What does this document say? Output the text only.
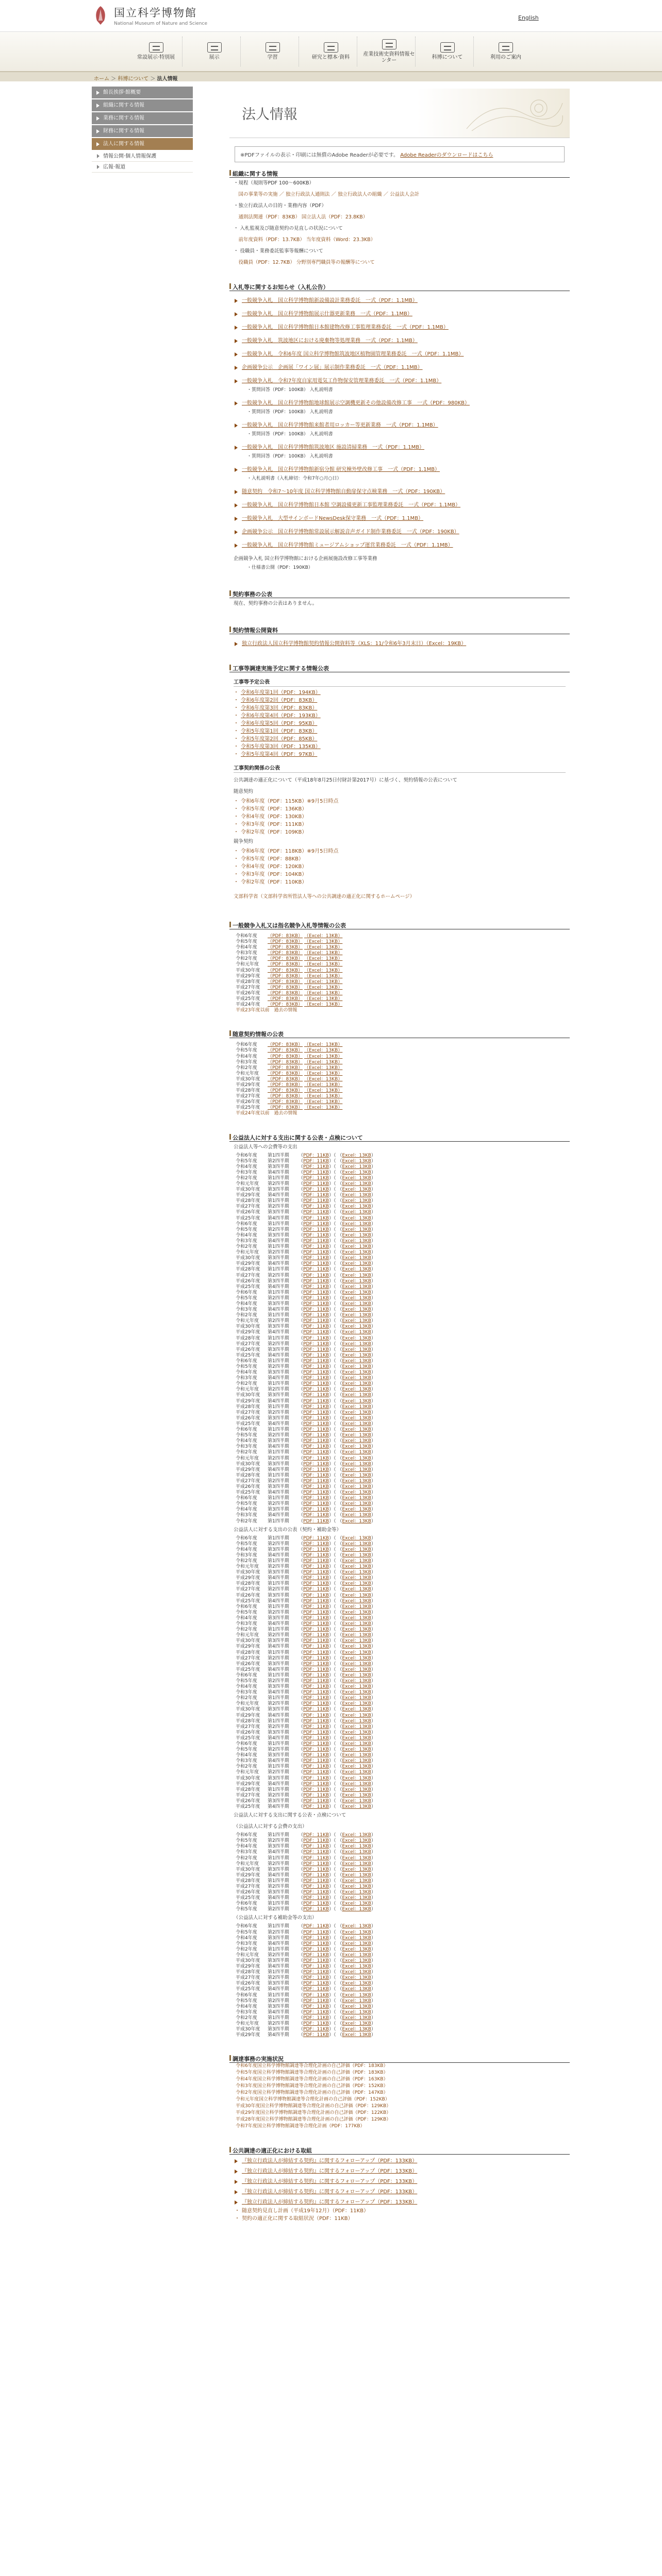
国立科学博物館
National Museum of Nature and Science
English
常設展示·特別展	展示	学習	研究と標本·資料
産業技術史資料情報センター
科博について	利用のご案内
ホーム ＞ 科博について ＞ 法人情報
館長挨拶·館概要
組織に関する情報
業務に関する情報
財務に関する情報
法人に関する情報
情報公開·個人情報保護
広報·報道
法人情報
※PDFファイルの表示・印刷には無償のAdobe Readerが必要です。 Adobe Readerのダウンロードはこちら
組織に関する情報
・規程（規則等PDF 100～600KB）
　国の事業等の実施 ／ 独立行政法人通則法 ／ 独立行政法人の組織 ／ 公益法人会計
・独立行政法人の目的・業務内容（PDF）
　通則法関連（PDF：83KB） 国立法人法（PDF：23.8KB）
・ 入札監視及び随意契約の見直しの状況について
　前年度資料（PDF：13.7KB） 当年度資料（Word：23.3KB）
・ 役職員・業務委託監事等報酬について
　役職員（PDF：12.7KB） 分野別専門職員等の報酬等について
入札等に関するお知らせ（入札公告）
一般競争入札　国立科学博物館新設備設計業務委託　一式（PDF：1.1MB）
一般競争入札　国立科学博物館展示什器更新業務　一式（PDF：1.1MB）
一般競争入札　国立科学博物館日本館建物改修工事監理業務委託　一式（PDF：1.1MB）
一般競争入札　筑波地区における廃棄物等処理業務　一式（PDF：1.1MB）
一般競争入札　令和6年度 国立科学博物館筑波地区植物園管理業務委託　一式（PDF：1.1MB）
企画競争公示　企画展「ワイン展」展示制作業務委託　一式（PDF：1.1MB）
一般競争入札　令和7年度自家用電気工作物保安管理業務委託　一式（PDF：1.1MB）
・質問回答（PDF：100KB） 入札説明書
一般競争入札　国立科学博物館地球館展示空調機更新その他設備改修工事　一式（PDF：980KB）
・質問回答（PDF：100KB） 入札説明書
一般競争入札　国立科学博物館来館者用ロッカー等更新業務　一式（PDF：1.1MB）
・質問回答（PDF：100KB） 入札説明書
一般競争入札　国立科学博物館筑波地区 施設清掃業務　一式（PDF：1.1MB）
・質問回答（PDF：100KB） 入札説明書
一般競争入札　国立科学博物館新宿分館 研究棟外壁改修工事　一式（PDF：1.1MB）
・入札説明書（入札締切：令和7年○月○日）
随意契約　令和7～10年度 国立科学博物館自動扉保守点検業務　一式（PDF：190KB）
一般競争入札　国立科学博物館日本館 空調設備更新工事監理業務委託　一式（PDF：1.1MB）
一般競争入札　大型サインボードNewsDesk保守業務　一式（PDF：1.1MB）
企画競争公示　国立科学博物館常設展示解説音声ガイド制作業務委託　一式（PDF：190KB）
一般競争入札　国立科学博物館ミュージアムショップ運営業務委託　一式（PDF：1.1MB）
企画競争入札 国立科学博物館における企画展施設改修工事等業務
・仕様書公開（PDF：190KB）
契約事務の公表
現在、契約事務の公表はありません。
契約情報公開資料
独立行政法人国立科学博物館契約情報公開資料等（XLS：11/令和6年3月末日）（Excel：19KB）
工事等調達実施予定に関する情報公表
工事等予定公表
・ 令和6年度第1回（PDF：194KB）
・ 令和6年度第2回（PDF：83KB）
・ 令和6年度第3回（PDF：83KB）
・ 令和6年度第4回（PDF：193KB）
・ 令和6年度第5回（PDF：95KB）
・ 令和5年度第1回（PDF：83KB）
・ 令和5年度第2回（PDF：85KB）
・ 令和5年度第3回（PDF：135KB）
・ 令和5年度第4回（PDF：97KB）
工事契約関係の公表
公共調達の適正化について（平成18年8月25日付財計第2017号）に基づく、契約情報の公表について
随意契約
・ 令和6年度（PDF：115KB）※9月5日時点
・ 令和5年度（PDF：136KB）
・ 令和4年度（PDF：130KB）
・ 令和3年度（PDF：111KB）
・ 令和2年度（PDF：109KB）
競争契約
・ 令和6年度（PDF：118KB）※9月5日時点
・ 令和5年度（PDF：88KB）
・ 令和4年度（PDF：120KB）
・ 令和3年度（PDF：104KB）
・ 令和2年度（PDF：110KB）
文部科学省（文部科学省所管法人等への公共調達の適正化に関するホームページ）
一般競争入札又は指名競争入札等情報の公表
令和6年度 （PDF：83KB） （Excel：13KB）
令和5年度 （PDF：83KB） （Excel：13KB）
令和4年度 （PDF：83KB） （Excel：13KB）
令和3年度 （PDF：83KB） （Excel：13KB）
令和2年度 （PDF：83KB） （Excel：13KB）
令和元年度 （PDF：83KB） （Excel：13KB）
平成30年度 （PDF：83KB） （Excel：13KB）
平成29年度 （PDF：83KB） （Excel：13KB）
平成28年度 （PDF：83KB） （Excel：13KB）
平成27年度 （PDF：83KB） （Excel：13KB）
平成26年度 （PDF：83KB） （Excel：13KB）
平成25年度 （PDF：83KB） （Excel：13KB）
平成24年度 （PDF：83KB） （Excel：13KB）
平成23年度以前　過去の情報
随意契約情報の公表
令和6年度 （PDF：83KB） （Excel：13KB）
令和5年度 （PDF：83KB） （Excel：13KB）
令和4年度 （PDF：83KB） （Excel：13KB）
令和3年度 （PDF：83KB） （Excel：13KB）
令和2年度 （PDF：83KB） （Excel：13KB）
令和元年度 （PDF：83KB） （Excel：13KB）
平成30年度 （PDF：83KB） （Excel：13KB）
平成29年度 （PDF：83KB） （Excel：13KB）
平成28年度 （PDF：83KB） （Excel：13KB）
平成27年度 （PDF：83KB） （Excel：13KB）
平成26年度 （PDF：83KB） （Excel：13KB）
平成25年度 （PDF：83KB） （Excel：13KB）
平成24年度以前　過去の情報
公益法人に対する支出に関する公表・点検について
公益法人等への会費等の支出
令和6年度 第1四半期 （PDF：11KB）（ （Excel：13KB）
令和5年度 第2四半期 （PDF：11KB）（ （Excel：13KB）
令和4年度 第3四半期 （PDF：11KB）（ （Excel：13KB）
令和3年度 第4四半期 （PDF：11KB）（ （Excel：13KB）
令和2年度 第1四半期 （PDF：11KB）（ （Excel：13KB）
令和元年度 第2四半期 （PDF：11KB）（ （Excel：13KB）
平成30年度 第3四半期 （PDF：11KB）（ （Excel：13KB）
平成29年度 第4四半期 （PDF：11KB）（ （Excel：13KB）
平成28年度 第1四半期 （PDF：11KB）（ （Excel：13KB）
平成27年度 第2四半期 （PDF：11KB）（ （Excel：13KB）
平成26年度 第3四半期 （PDF：11KB）（ （Excel：13KB）
平成25年度 第4四半期 （PDF：11KB）（ （Excel：13KB）
令和6年度 第1四半期 （PDF：11KB）（ （Excel：13KB）
令和5年度 第2四半期 （PDF：11KB）（ （Excel：13KB）
令和4年度 第3四半期 （PDF：11KB）（ （Excel：13KB）
令和3年度 第4四半期 （PDF：11KB）（ （Excel：13KB）
令和2年度 第1四半期 （PDF：11KB）（ （Excel：13KB）
令和元年度 第2四半期 （PDF：11KB）（ （Excel：13KB）
平成30年度 第3四半期 （PDF：11KB）（ （Excel：13KB）
平成29年度 第4四半期 （PDF：11KB）（ （Excel：13KB）
平成28年度 第1四半期 （PDF：11KB）（ （Excel：13KB）
平成27年度 第2四半期 （PDF：11KB）（ （Excel：13KB）
平成26年度 第3四半期 （PDF：11KB）（ （Excel：13KB）
平成25年度 第4四半期 （PDF：11KB）（ （Excel：13KB）
令和6年度 第1四半期 （PDF：11KB）（ （Excel：13KB）
令和5年度 第2四半期 （PDF：11KB）（ （Excel：13KB）
令和4年度 第3四半期 （PDF：11KB）（ （Excel：13KB）
令和3年度 第4四半期 （PDF：11KB）（ （Excel：13KB）
令和2年度 第1四半期 （PDF：11KB）（ （Excel：13KB）
令和元年度 第2四半期 （PDF：11KB）（ （Excel：13KB）
平成30年度 第3四半期 （PDF：11KB）（ （Excel：13KB）
平成29年度 第4四半期 （PDF：11KB）（ （Excel：13KB）
平成28年度 第1四半期 （PDF：11KB）（ （Excel：13KB）
平成27年度 第2四半期 （PDF：11KB）（ （Excel：13KB）
平成26年度 第3四半期 （PDF：11KB）（ （Excel：13KB）
平成25年度 第4四半期 （PDF：11KB）（ （Excel：13KB）
令和6年度 第1四半期 （PDF：11KB）（ （Excel：13KB）
令和5年度 第2四半期 （PDF：11KB）（ （Excel：13KB）
令和4年度 第3四半期 （PDF：11KB）（ （Excel：13KB）
令和3年度 第4四半期 （PDF：11KB）（ （Excel：13KB）
令和2年度 第1四半期 （PDF：11KB）（ （Excel：13KB）
令和元年度 第2四半期 （PDF：11KB）（ （Excel：13KB）
平成30年度 第3四半期 （PDF：11KB）（ （Excel：13KB）
平成29年度 第4四半期 （PDF：11KB）（ （Excel：13KB）
平成28年度 第1四半期 （PDF：11KB）（ （Excel：13KB）
平成27年度 第2四半期 （PDF：11KB）（ （Excel：13KB）
平成26年度 第3四半期 （PDF：11KB）（ （Excel：13KB）
平成25年度 第4四半期 （PDF：11KB）（ （Excel：13KB）
令和6年度 第1四半期 （PDF：11KB）（ （Excel：13KB）
令和5年度 第2四半期 （PDF：11KB）（ （Excel：13KB）
令和4年度 第3四半期 （PDF：11KB）（ （Excel：13KB）
令和3年度 第4四半期 （PDF：11KB）（ （Excel：13KB）
令和2年度 第1四半期 （PDF：11KB）（ （Excel：13KB）
令和元年度 第2四半期 （PDF：11KB）（ （Excel：13KB）
平成30年度 第3四半期 （PDF：11KB）（ （Excel：13KB）
平成29年度 第4四半期 （PDF：11KB）（ （Excel：13KB）
平成28年度 第1四半期 （PDF：11KB）（ （Excel：13KB）
平成27年度 第2四半期 （PDF：11KB）（ （Excel：13KB）
平成26年度 第3四半期 （PDF：11KB）（ （Excel：13KB）
平成25年度 第4四半期 （PDF：11KB）（ （Excel：13KB）
令和6年度 第1四半期 （PDF：11KB）（ （Excel：13KB）
令和5年度 第2四半期 （PDF：11KB）（ （Excel：13KB）
令和4年度 第3四半期 （PDF：11KB）（ （Excel：13KB）
令和3年度 第4四半期 （PDF：11KB）（ （Excel：13KB）
令和2年度 第1四半期 （PDF：11KB）（ （Excel：13KB）
公益法人に対する支出の公表（契約・補助金等）
令和6年度 第1四半期 （PDF：11KB）（ （Excel：13KB）
令和5年度 第2四半期 （PDF：11KB）（ （Excel：13KB）
令和4年度 第3四半期 （PDF：11KB）（ （Excel：13KB）
令和3年度 第4四半期 （PDF：11KB）（ （Excel：13KB）
令和2年度 第1四半期 （PDF：11KB）（ （Excel：13KB）
令和元年度 第2四半期 （PDF：11KB）（ （Excel：13KB）
平成30年度 第3四半期 （PDF：11KB）（ （Excel：13KB）
平成29年度 第4四半期 （PDF：11KB）（ （Excel：13KB）
平成28年度 第1四半期 （PDF：11KB）（ （Excel：13KB）
平成27年度 第2四半期 （PDF：11KB）（ （Excel：13KB）
平成26年度 第3四半期 （PDF：11KB）（ （Excel：13KB）
平成25年度 第4四半期 （PDF：11KB）（ （Excel：13KB）
令和6年度 第1四半期 （PDF：11KB）（ （Excel：13KB）
令和5年度 第2四半期 （PDF：11KB）（ （Excel：13KB）
令和4年度 第3四半期 （PDF：11KB）（ （Excel：13KB）
令和3年度 第4四半期 （PDF：11KB）（ （Excel：13KB）
令和2年度 第1四半期 （PDF：11KB）（ （Excel：13KB）
令和元年度 第2四半期 （PDF：11KB）（ （Excel：13KB）
平成30年度 第3四半期 （PDF：11KB）（ （Excel：13KB）
平成29年度 第4四半期 （PDF：11KB）（ （Excel：13KB）
平成28年度 第1四半期 （PDF：11KB）（ （Excel：13KB）
平成27年度 第2四半期 （PDF：11KB）（ （Excel：13KB）
平成26年度 第3四半期 （PDF：11KB）（ （Excel：13KB）
平成25年度 第4四半期 （PDF：11KB）（ （Excel：13KB）
令和6年度 第1四半期 （PDF：11KB）（ （Excel：13KB）
令和5年度 第2四半期 （PDF：11KB）（ （Excel：13KB）
令和4年度 第3四半期 （PDF：11KB）（ （Excel：13KB）
令和3年度 第4四半期 （PDF：11KB）（ （Excel：13KB）
令和2年度 第1四半期 （PDF：11KB）（ （Excel：13KB）
令和元年度 第2四半期 （PDF：11KB）（ （Excel：13KB）
平成30年度 第3四半期 （PDF：11KB）（ （Excel：13KB）
平成29年度 第4四半期 （PDF：11KB）（ （Excel：13KB）
平成28年度 第1四半期 （PDF：11KB）（ （Excel：13KB）
平成27年度 第2四半期 （PDF：11KB）（ （Excel：13KB）
平成26年度 第3四半期 （PDF：11KB）（ （Excel：13KB）
平成25年度 第4四半期 （PDF：11KB）（ （Excel：13KB）
令和6年度 第1四半期 （PDF：11KB）（ （Excel：13KB）
令和5年度 第2四半期 （PDF：11KB）（ （Excel：13KB）
令和4年度 第3四半期 （PDF：11KB）（ （Excel：13KB）
令和3年度 第4四半期 （PDF：11KB）（ （Excel：13KB）
令和2年度 第1四半期 （PDF：11KB）（ （Excel：13KB）
令和元年度 第2四半期 （PDF：11KB）（ （Excel：13KB）
平成30年度 第3四半期 （PDF：11KB）（ （Excel：13KB）
平成29年度 第4四半期 （PDF：11KB）（ （Excel：13KB）
平成28年度 第1四半期 （PDF：11KB）（ （Excel：13KB）
平成27年度 第2四半期 （PDF：11KB）（ （Excel：13KB）
平成26年度 第3四半期 （PDF：11KB）（ （Excel：13KB）
平成25年度 第4四半期 （PDF：11KB）（ （Excel：13KB）
公益法人に対する支出に関する公表・点検について
（公益法人に対する会費の支出）
令和6年度 第1四半期 （PDF：11KB）（ （Excel：13KB）
令和5年度 第2四半期 （PDF：11KB）（ （Excel：13KB）
令和4年度 第3四半期 （PDF：11KB）（ （Excel：13KB）
令和3年度 第4四半期 （PDF：11KB）（ （Excel：13KB）
令和2年度 第1四半期 （PDF：11KB）（ （Excel：13KB）
令和元年度 第2四半期 （PDF：11KB）（ （Excel：13KB）
平成30年度 第3四半期 （PDF：11KB）（ （Excel：13KB）
平成29年度 第4四半期 （PDF：11KB）（ （Excel：13KB）
平成28年度 第1四半期 （PDF：11KB）（ （Excel：13KB）
平成27年度 第2四半期 （PDF：11KB）（ （Excel：13KB）
平成26年度 第3四半期 （PDF：11KB）（ （Excel：13KB）
平成25年度 第4四半期 （PDF：11KB）（ （Excel：13KB）
令和6年度 第1四半期 （PDF：11KB）（ （Excel：13KB）
令和5年度 第2四半期 （PDF：11KB）（ （Excel：13KB）
（公益法人に対する補助金等の支出）
令和6年度 第1四半期 （PDF：11KB）（ （Excel：13KB）
令和5年度 第2四半期 （PDF：11KB）（ （Excel：13KB）
令和4年度 第3四半期 （PDF：11KB）（ （Excel：13KB）
令和3年度 第4四半期 （PDF：11KB）（ （Excel：13KB）
令和2年度 第1四半期 （PDF：11KB）（ （Excel：13KB）
令和元年度 第2四半期 （PDF：11KB）（ （Excel：13KB）
平成30年度 第3四半期 （PDF：11KB）（ （Excel：13KB）
平成29年度 第4四半期 （PDF：11KB）（ （Excel：13KB）
平成28年度 第1四半期 （PDF：11KB）（ （Excel：13KB）
平成27年度 第2四半期 （PDF：11KB）（ （Excel：13KB）
平成26年度 第3四半期 （PDF：11KB）（ （Excel：13KB）
平成25年度 第4四半期 （PDF：11KB）（ （Excel：13KB）
令和6年度 第1四半期 （PDF：11KB）（ （Excel：13KB）
令和5年度 第2四半期 （PDF：11KB）（ （Excel：13KB）
令和4年度 第3四半期 （PDF：11KB）（ （Excel：13KB）
令和3年度 第4四半期 （PDF：11KB）（ （Excel：13KB）
令和2年度 第1四半期 （PDF：11KB）（ （Excel：13KB）
令和元年度 第2四半期 （PDF：11KB）（ （Excel：13KB）
平成30年度 第3四半期 （PDF：11KB）（ （Excel：13KB）
平成29年度 第4四半期 （PDF：11KB）（ （Excel：13KB）
調達事務の実施状況
令和6年度国立科学博物館調達等合理化計画の自己評価（PDF：183KB）
令和5年度国立科学博物館調達等合理化計画の自己評価（PDF：183KB）
令和4年度国立科学博物館調達等合理化計画の自己評価（PDF：163KB）
令和3年度国立科学博物館調達等合理化計画の自己評価（PDF：152KB）
令和2年度国立科学博物館調達等合理化計画の自己評価（PDF：147KB）
令和元年度国立科学博物館調達等合理化計画の自己評価（PDF：152KB）
平成30年度国立科学博物館調達等合理化計画の自己評価（PDF：129KB）
平成29年度国立科学博物館調達等合理化計画の自己評価（PDF：122KB）
平成28年度国立科学博物館調達等合理化計画の自己評価（PDF：129KB）
令和7年度国立科学博物館調達等合理化計画（PDF：177KB）
公共調達の適正化における取組
『独立行政法人が締結する契約』に関するフォローアップ（PDF：133KB）
『独立行政法人が締結する契約』に関するフォローアップ（PDF：133KB）
『独立行政法人が締結する契約』に関するフォローアップ（PDF：133KB）
『独立行政法人が締結する契約』に関するフォローアップ（PDF：133KB）
『独立行政法人が締結する契約』に関するフォローアップ（PDF：133KB）
・ 随意契約見直し計画（平成19年12月）（PDF：11KB）
・ 契約の適正化に関する取組状況（PDF：11KB）
